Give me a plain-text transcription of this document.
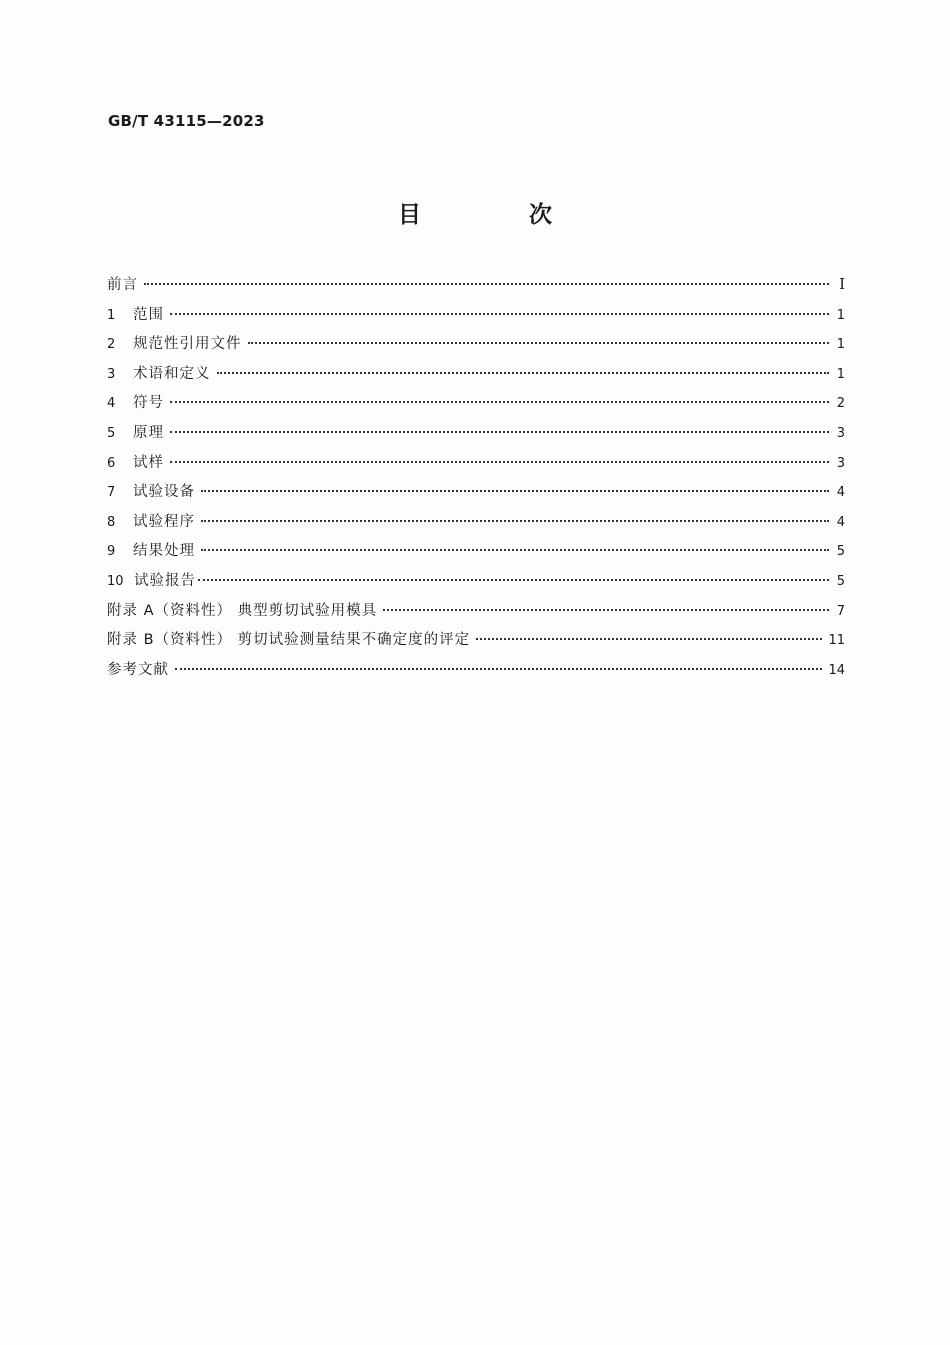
GB/T 43115—2023
目 次
前言	I
1	范围	1
2	规范性引用文件	1
3	术语和定义	1
4	符号	2
5	原理	3
6	试样	3
7	试验设备	4
8	试验程序	4
9	结果处理	5
10 试验报告	5
附录 A（资料性） 典型剪切试验用模具	7
附录 B（资料性） 剪切试验测量结果不确定度的评定	11
参考文献	14
